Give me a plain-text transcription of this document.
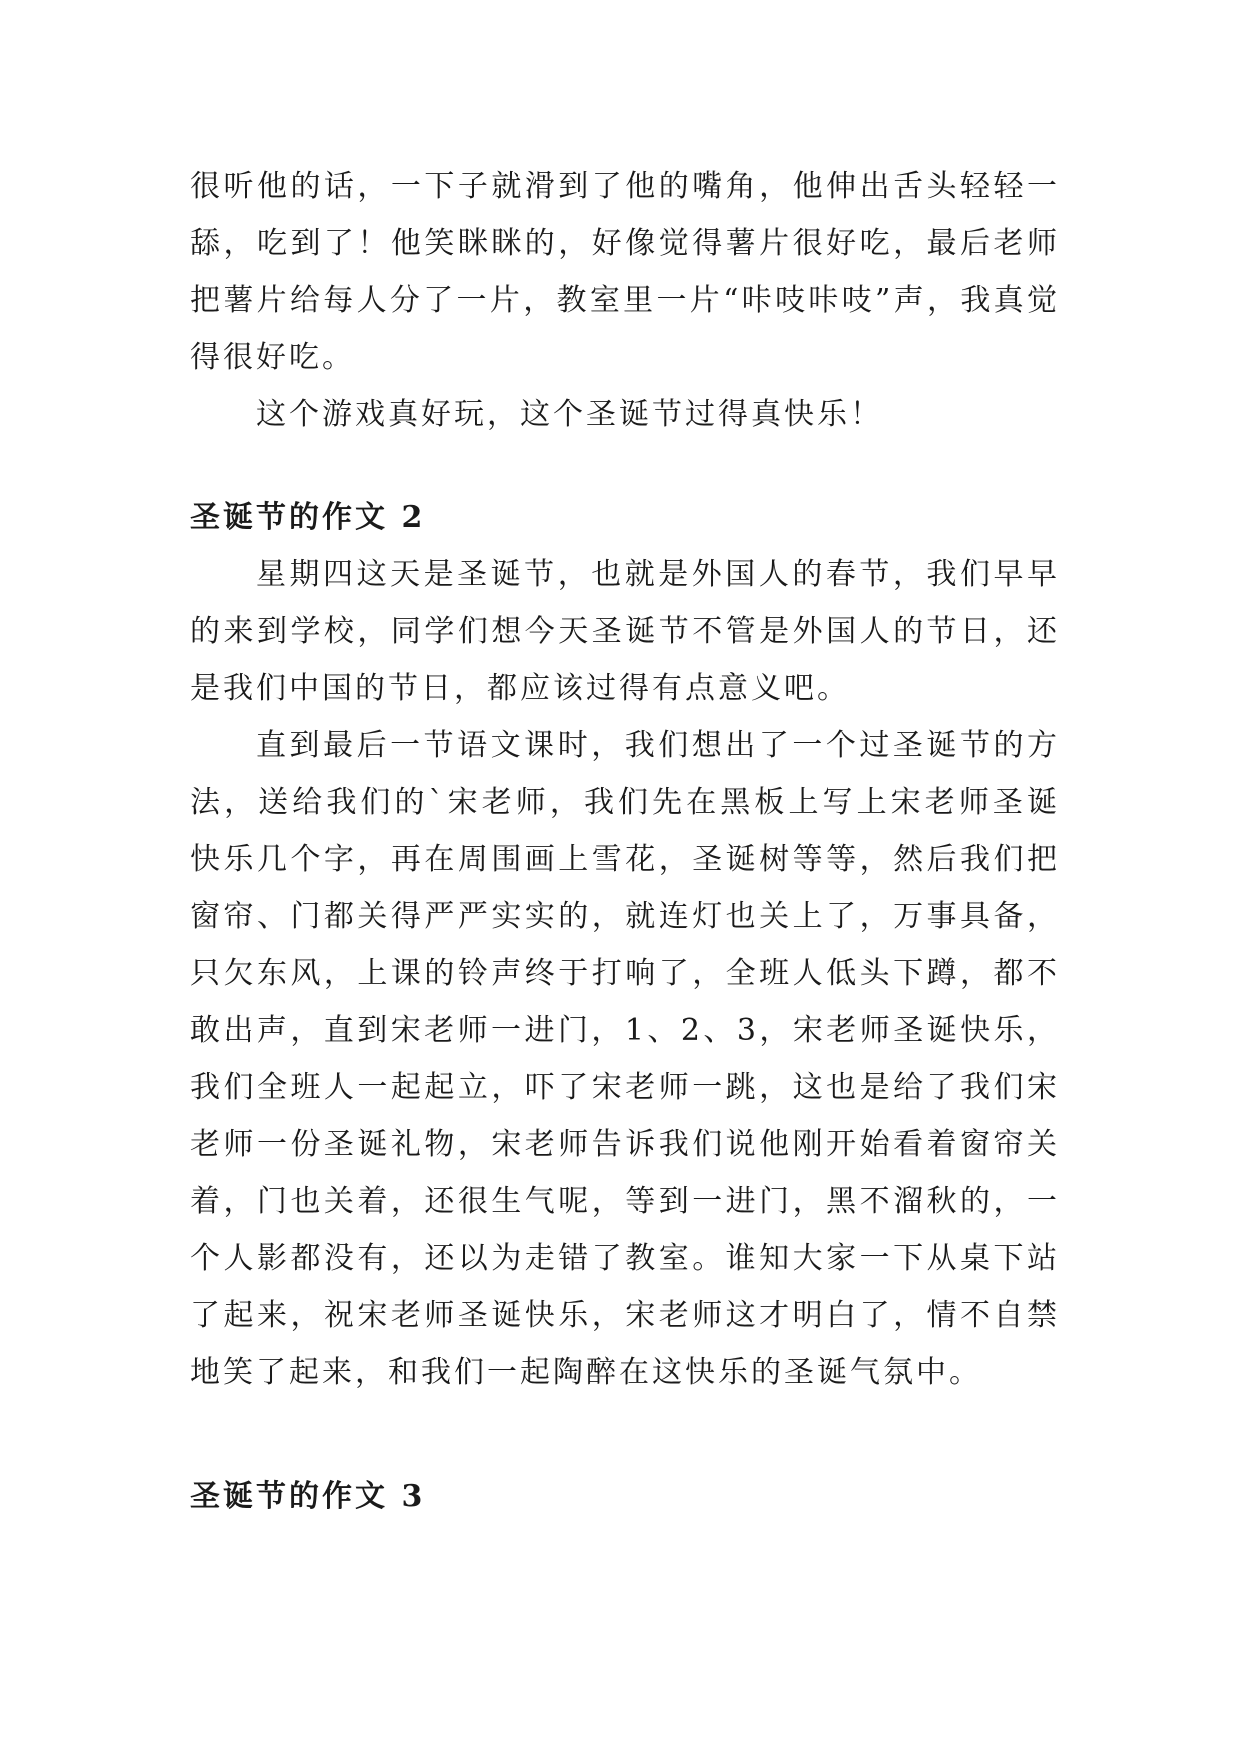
很听他的话，一下子就滑到了他的嘴角，他伸出舌头轻轻一舔，吃到了！他笑眯眯的，好像觉得薯片很好吃，最后老师把薯片给每人分了一片，教室里一片“咔吱咔吱”声，我真觉得很好吃。

这个游戏真好玩，这个圣诞节过得真快乐！

圣诞节的作文 2

星期四这天是圣诞节，也就是外国人的春节，我们早早的来到学校，同学们想今天圣诞节不管是外国人的节日，还是我们中国的节日，都应该过得有点意义吧。

直到最后一节语文课时，我们想出了一个过圣诞节的方法，送给我们的`宋老师，我们先在黑板上写上宋老师圣诞快乐几个字，再在周围画上雪花，圣诞树等等，然后我们把窗帘、门都关得严严实实的，就连灯也关上了，万事具备，只欠东风，上课的铃声终于打响了，全班人低头下蹲，都不敢出声，直到宋老师一进门，1、2、3，宋老师圣诞快乐，我们全班人一起起立，吓了宋老师一跳，这也是给了我们宋老师一份圣诞礼物，宋老师告诉我们说他刚开始看着窗帘关着，门也关着，还很生气呢，等到一进门，黑不溜秋的，一个人影都没有，还以为走错了教室。谁知大家一下从桌下站了起来，祝宋老师圣诞快乐，宋老师这才明白了，情不自禁地笑了起来，和我们一起陶醉在这快乐的圣诞气氛中。

圣诞节的作文 3
